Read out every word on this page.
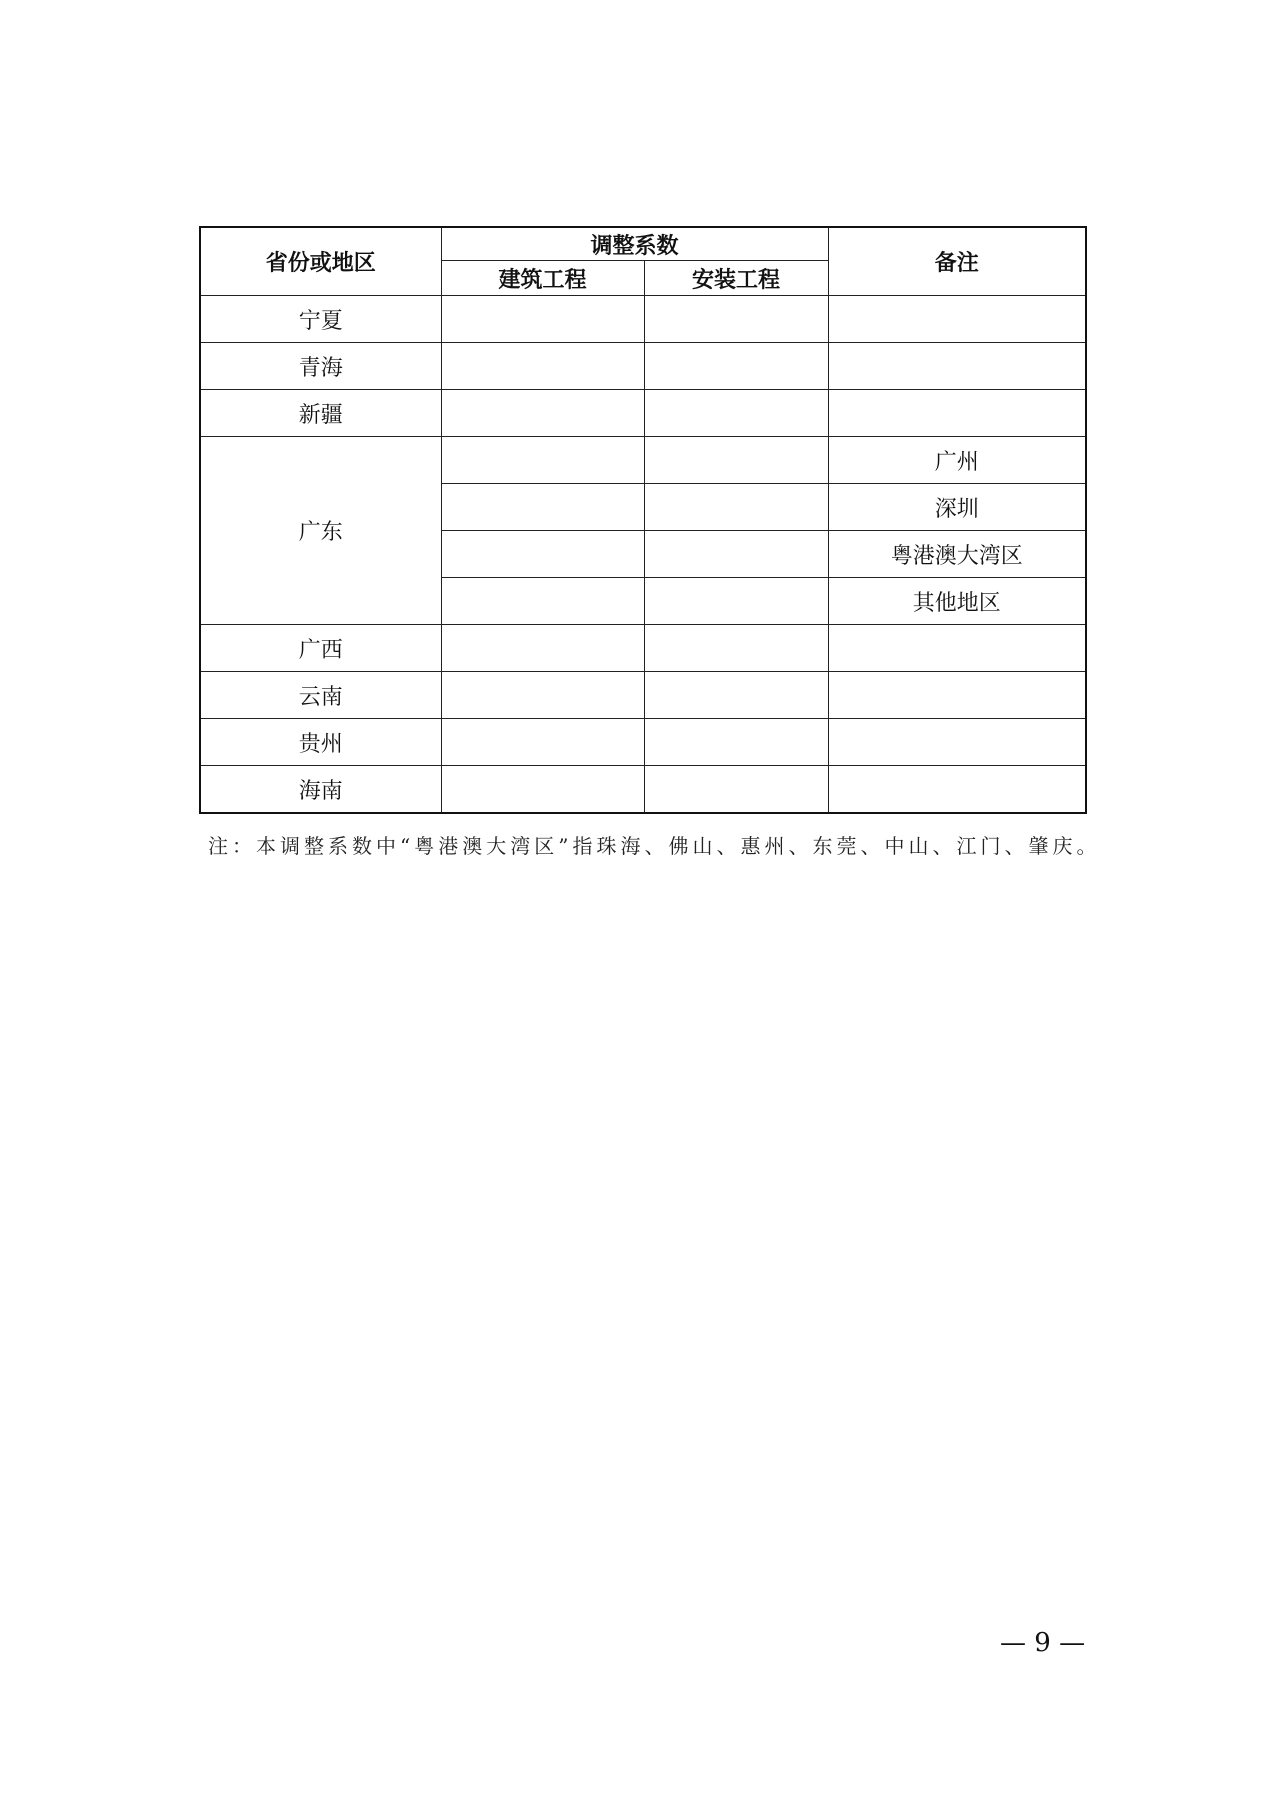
省份或地区	调整系数		备注
	建筑工程	安装工程	
宁夏			
青海			
新疆			
广东			广州
			深圳
			粤港澳大湾区
			其他地区
广西			
云南			
贵州			
海南			
注：本调整系数中“粤港澳大湾区”指珠海、佛山、惠州、东莞、中山、江门、肇庆。
— 9 —
